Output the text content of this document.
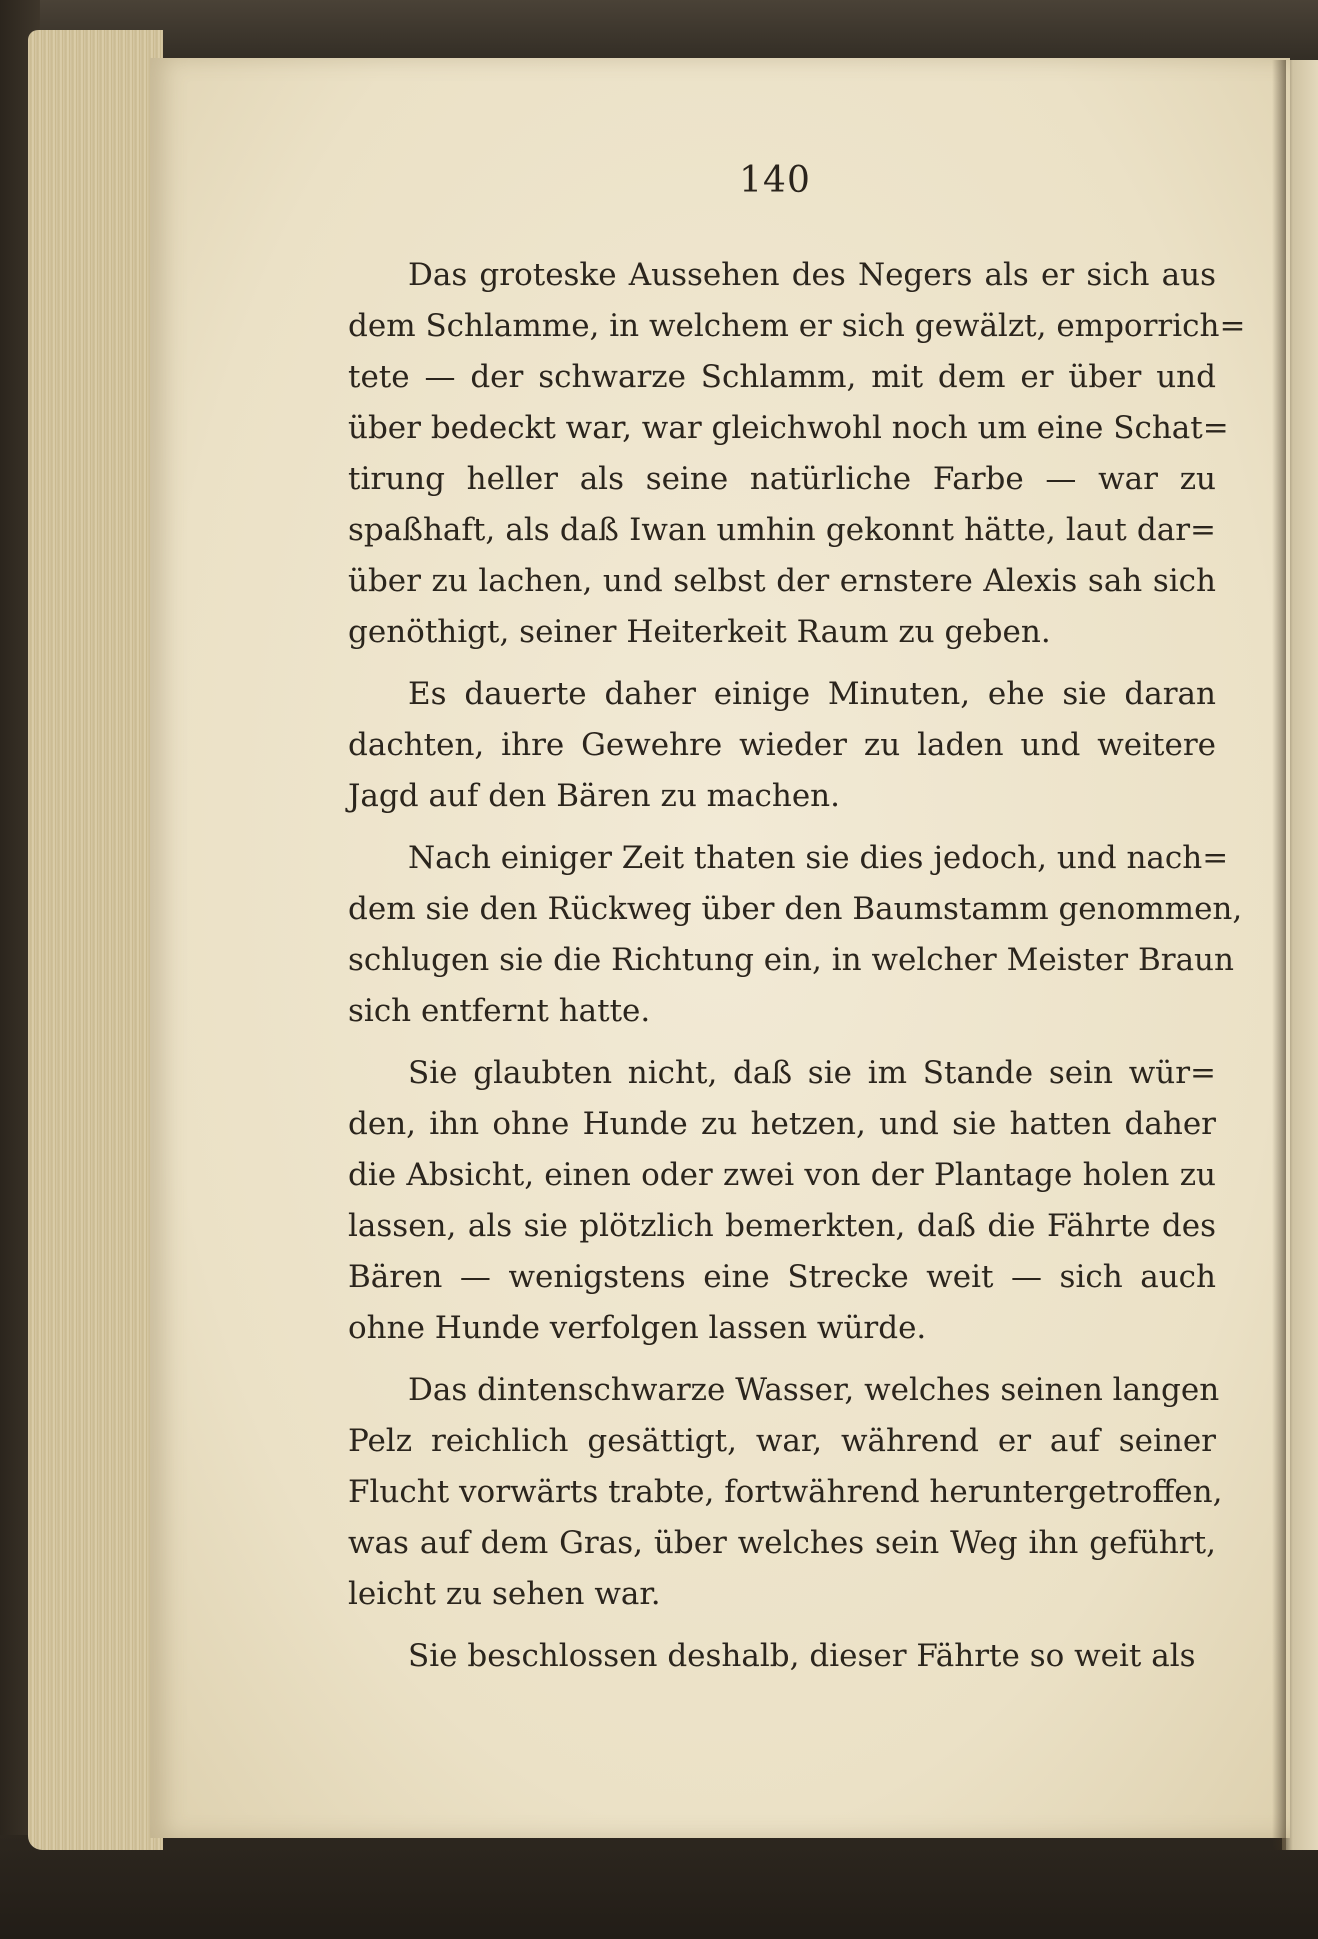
140
Das groteske Aussehen des Negers als er sich aus
dem Schlamme, in welchem er sich gewälzt, emporrich=
tete — der schwarze Schlamm, mit dem er über und
über bedeckt war, war gleichwohl noch um eine Schat=
tirung heller als seine natürliche Farbe — war zu
spaßhaft, als daß Iwan umhin gekonnt hätte, laut dar=
über zu lachen, und selbst der ernstere Alexis sah sich
genöthigt, seiner Heiterkeit Raum zu geben.
Es dauerte daher einige Minuten, ehe sie daran
dachten, ihre Gewehre wieder zu laden und weitere
Jagd auf den Bären zu machen.
Nach einiger Zeit thaten sie dies jedoch, und nach=
dem sie den Rückweg über den Baumstamm genommen,
schlugen sie die Richtung ein, in welcher Meister Braun
sich entfernt hatte.
Sie glaubten nicht, daß sie im Stande sein wür=
den, ihn ohne Hunde zu hetzen, und sie hatten daher
die Absicht, einen oder zwei von der Plantage holen zu
lassen, als sie plötzlich bemerkten, daß die Fährte des
Bären — wenigstens eine Strecke weit — sich auch
ohne Hunde verfolgen lassen würde.
Das dintenschwarze Wasser, welches seinen langen
Pelz reichlich gesättigt, war, während er auf seiner
Flucht vorwärts trabte, fortwährend heruntergetroffen,
was auf dem Gras, über welches sein Weg ihn geführt,
leicht zu sehen war.
Sie beschlossen deshalb, dieser Fährte so weit als
